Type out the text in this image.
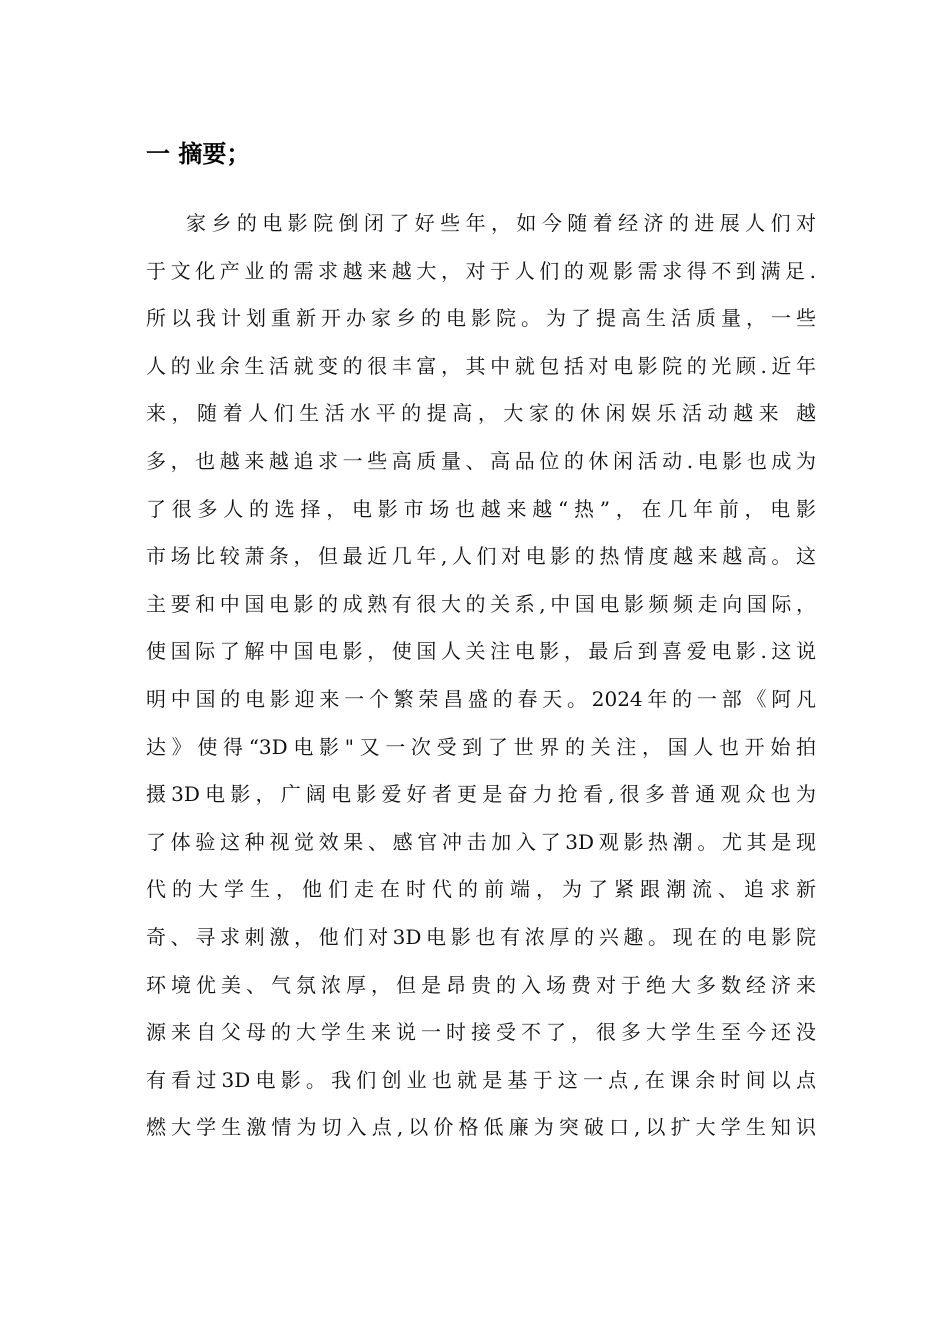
一 摘要；
家乡的电影院倒闭了好些年，如今随着经济的进展人们对
于文化产业的需求越来越大，对于人们的观影需求得不到满足.
所以我计划重新开办家乡的电影院。为了提高生活质量，一些
人的业余生活就变的很丰富，其中就包括对电影院的光顾.近年
来，随着人们生活水平的提高，大家的休闲娱乐活动越来 越
多，也越来越追求一些高质量、高品位的休闲活动.电影也成为
了很多人的选择，电影市场也越来越“热”，在几年前，电影
市场比较萧条，但最近几年,人们对电影的热情度越来越高。这
主要和中国电影的成熟有很大的关系,中国电影频频走向国际，
使国际了解中国电影，使国人关注电影，最后到喜爱电影.这说
明中国的电影迎来一个繁荣昌盛的春天。2024年的一部《阿凡
达》使得“3D电影"又一次受到了世界的关注，国人也开始拍
摄3D电影，广阔电影爱好者更是奋力抢看,很多普通观众也为
了体验这种视觉效果、感官冲击加入了3D观影热潮。尤其是现
代的大学生，他们走在时代的前端，为了紧跟潮流、追求新
奇、寻求刺激，他们对3D电影也有浓厚的兴趣。现在的电影院
环境优美、气氛浓厚，但是昂贵的入场费对于绝大多数经济来
源来自父母的大学生来说一时接受不了，很多大学生至今还没
有看过3D电影。我们创业也就是基于这一点,在课余时间以点
燃大学生激情为切入点,以价格低廉为突破口,以扩大学生知识
